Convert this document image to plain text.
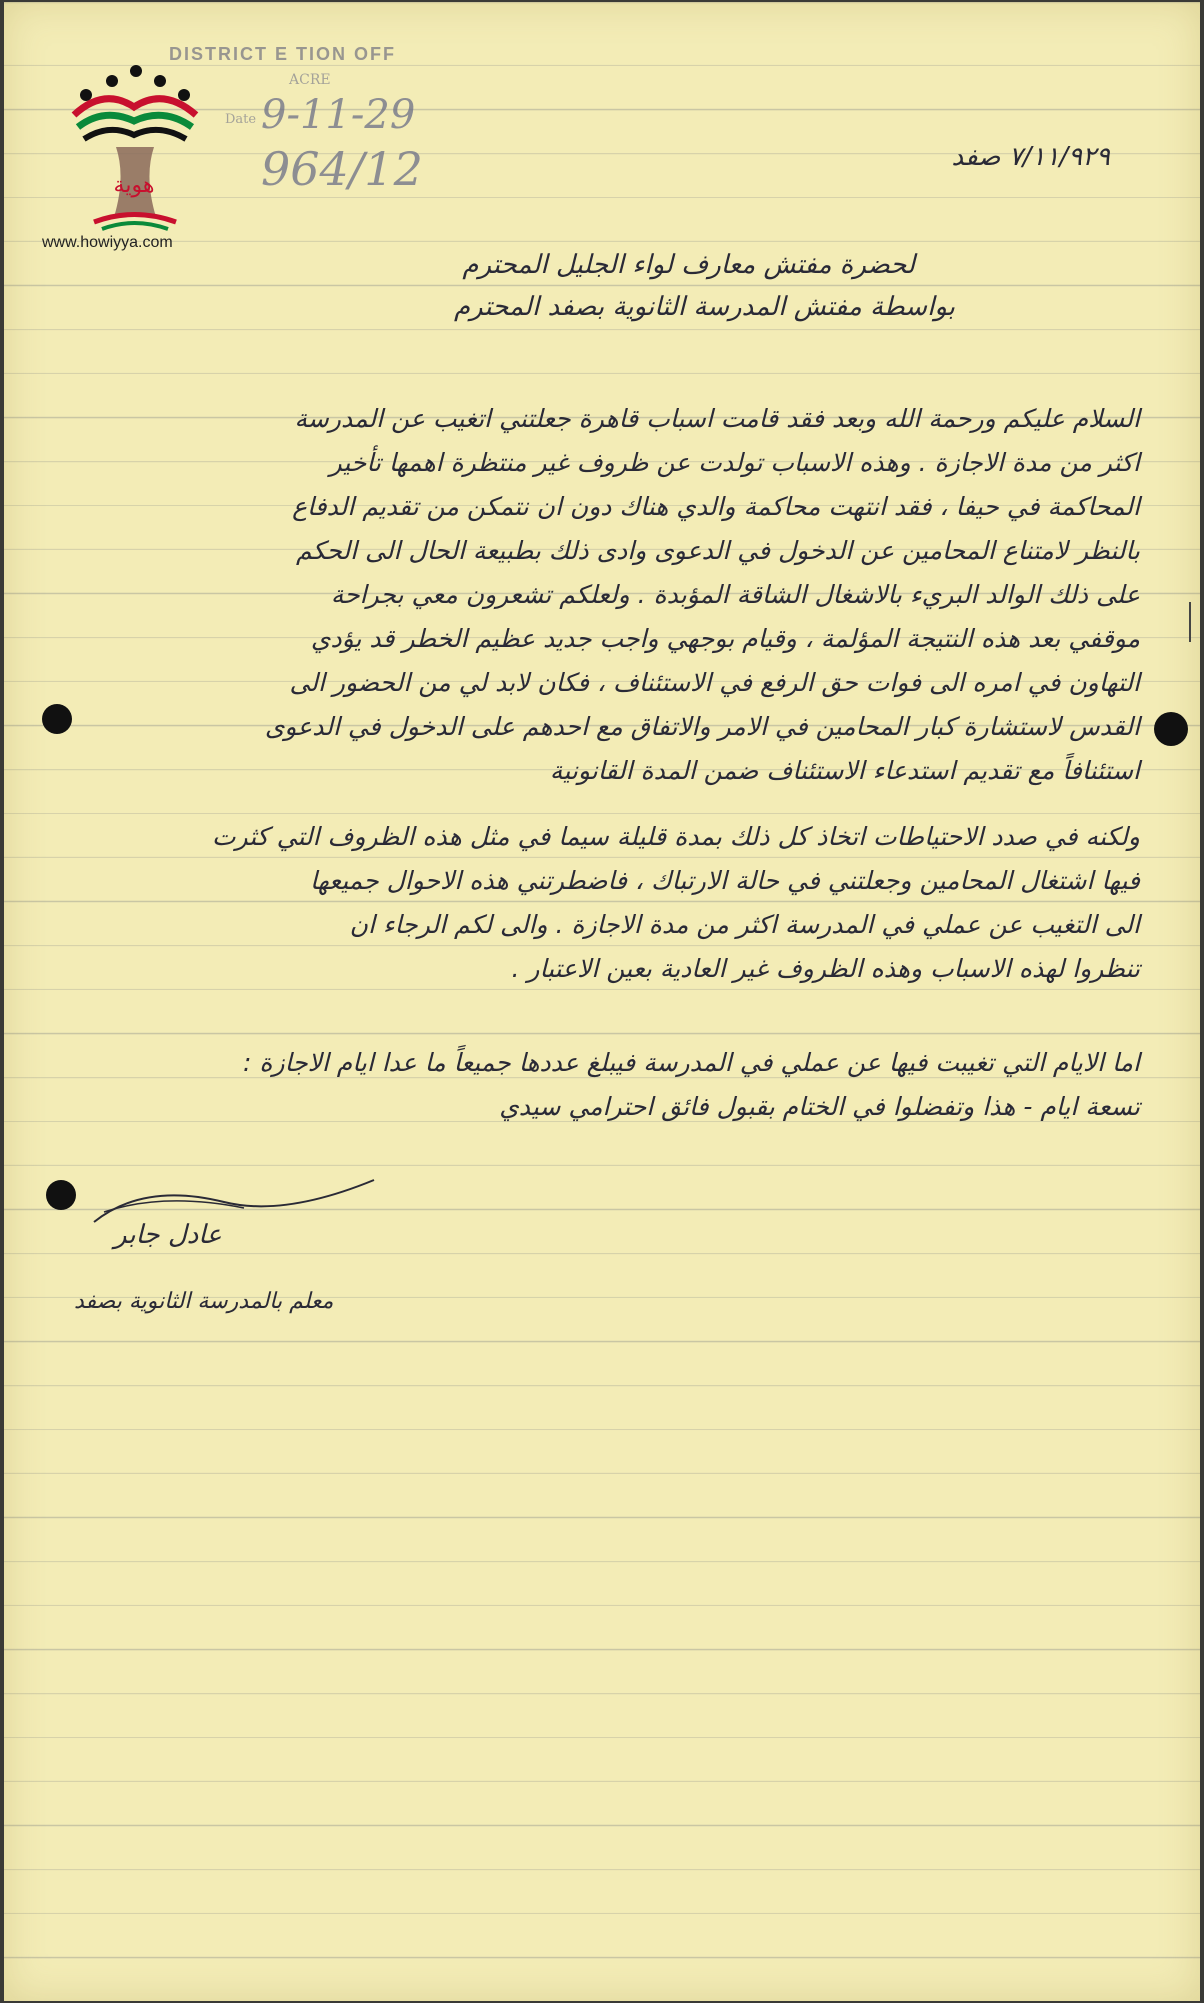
هوية
www.howiyya.com
DISTRICT E TION OFF
ACRE
Date 9-11-29
964/12	٧/١١/٩٢٩ صفد
لحضرة مفتش معارف لواء الجليل المحترم
بواسطة مفتش المدرسة الثانوية بصفد المحترم
السلام عليكم ورحمة الله وبعد فقد قامت اسباب قاهرة جعلتني اتغيب عن المدرسة
اكثر من مدة الاجازة . وهذه الاسباب تولدت عن ظروف غير منتظرة اهمها تأخير
المحاكمة في حيفا ، فقد انتهت محاكمة والدي هناك دون ان نتمكن من تقديم الدفاع
بالنظر لامتناع المحامين عن الدخول في الدعوى وادى ذلك بطبيعة الحال الى الحكم
على ذلك الوالد البريء بالاشغال الشاقة المؤبدة . ولعلكم تشعرون معي بجراحة
موقفي بعد هذه النتيجة المؤلمة ، وقيام بوجهي واجب جديد عظيم الخطر قد يؤدي
التهاون في امره الى فوات حق الرفع في الاستئناف ، فكان لابد لي من الحضور الى
القدس لاستشارة كبار المحامين في الامر والاتفاق مع احدهم على الدخول في الدعوى
استئنافاً مع تقديم استدعاء الاستئناف ضمن المدة القانونية
ولكنه في صدد الاحتياطات اتخاذ كل ذلك بمدة قليلة سيما في مثل هذه الظروف التي كثرت
فيها اشتغال المحامين وجعلتني في حالة الارتباك ، فاضطرتني هذه الاحوال جميعها
الى التغيب عن عملي في المدرسة اكثر من مدة الاجازة . والى لكم الرجاء ان
تنظروا لهذه الاسباب وهذه الظروف غير العادية بعين الاعتبار .
اما الايام التي تغيبت فيها عن عملي في المدرسة فيبلغ عددها جميعاً ما عدا ايام الاجازة :
تسعة ايام - هذا وتفضلوا في الختام بقبول فائق احترامي سيدي
عادل جابر
معلم بالمدرسة الثانوية بصفد
